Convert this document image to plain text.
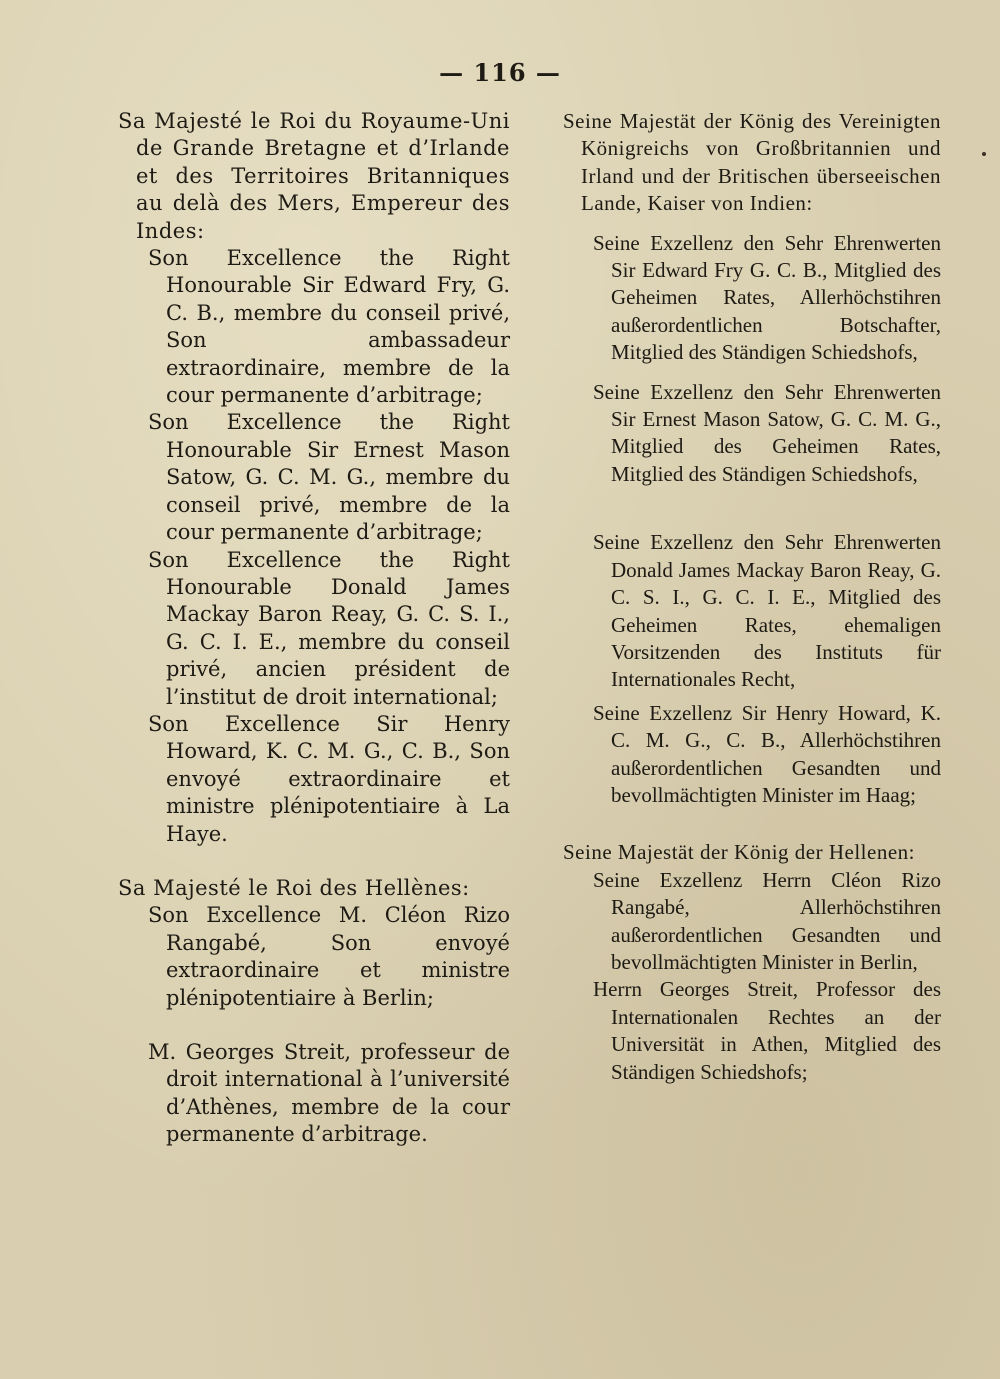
— 116 —

Sa Majesté le Roi du Royaume-Uni de Grande Bretagne et d’Irlande et des Territoires Britanniques au delà des Mers, Empereur des Indes:

Son Excellence the Right Honourable Sir Edward Fry, G. C. B., membre du conseil privé, Son ambassadeur extraordinaire, membre de la cour permanente d’arbitrage;

Son Excellence the Right Honourable Sir Ernest Mason Satow, G. C. M. G., membre du conseil privé, membre de la cour permanente d’arbitrage;

Son Excellence the Right Honourable Donald James Mackay Baron Reay, G. C. S. I., G. C. I. E., membre du conseil privé, ancien président de l’institut de droit international;

Son Excellence Sir Henry Howard, K. C. M. G., C. B., Son envoyé extraordinaire et ministre plénipotentiaire à La Haye.

Sa Majesté le Roi des Hellènes:

Son Excellence M. Cléon Rizo Rangabé, Son envoyé extraordinaire et ministre plénipotentiaire à Berlin;

M. Georges Streit, professeur de droit international à l’université d’Athènes, membre de la cour permanente d’arbitrage.

Seine Majestät der König des Vereinigten Königreichs von Großbritannien und Irland und der Britischen überseeischen Lande, Kaiser von Indien:

Seine Exzellenz den Sehr Ehrenwerten Sir Edward Fry G. C. B., Mitglied des Geheimen Rates, Allerhöchstihren außerordentlichen Botschafter, Mitglied des Ständigen Schiedshofs,

Seine Exzellenz den Sehr Ehrenwerten Sir Ernest Mason Satow, G. C. M. G., Mitglied des Geheimen Rates, Mitglied des Ständigen Schiedshofs,

Seine Exzellenz den Sehr Ehrenwerten Donald James Mackay Baron Reay, G. C. S. I., G. C. I. E., Mitglied des Geheimen Rates, ehemaligen Vorsitzenden des Instituts für Internationales Recht,

Seine Exzellenz Sir Henry Howard, K. C. M. G., C. B., Allerhöchstihren außerordentlichen Gesandten und bevollmächtigten Minister im Haag;

Seine Majestät der König der Hellenen:

Seine Exzellenz Herrn Cléon Rizo Rangabé, Allerhöchstihren außerordentlichen Gesandten und bevollmächtigten Minister in Berlin,

Herrn Georges Streit, Professor des Internationalen Rechtes an der Universität in Athen, Mitglied des Ständigen Schiedshofs;
